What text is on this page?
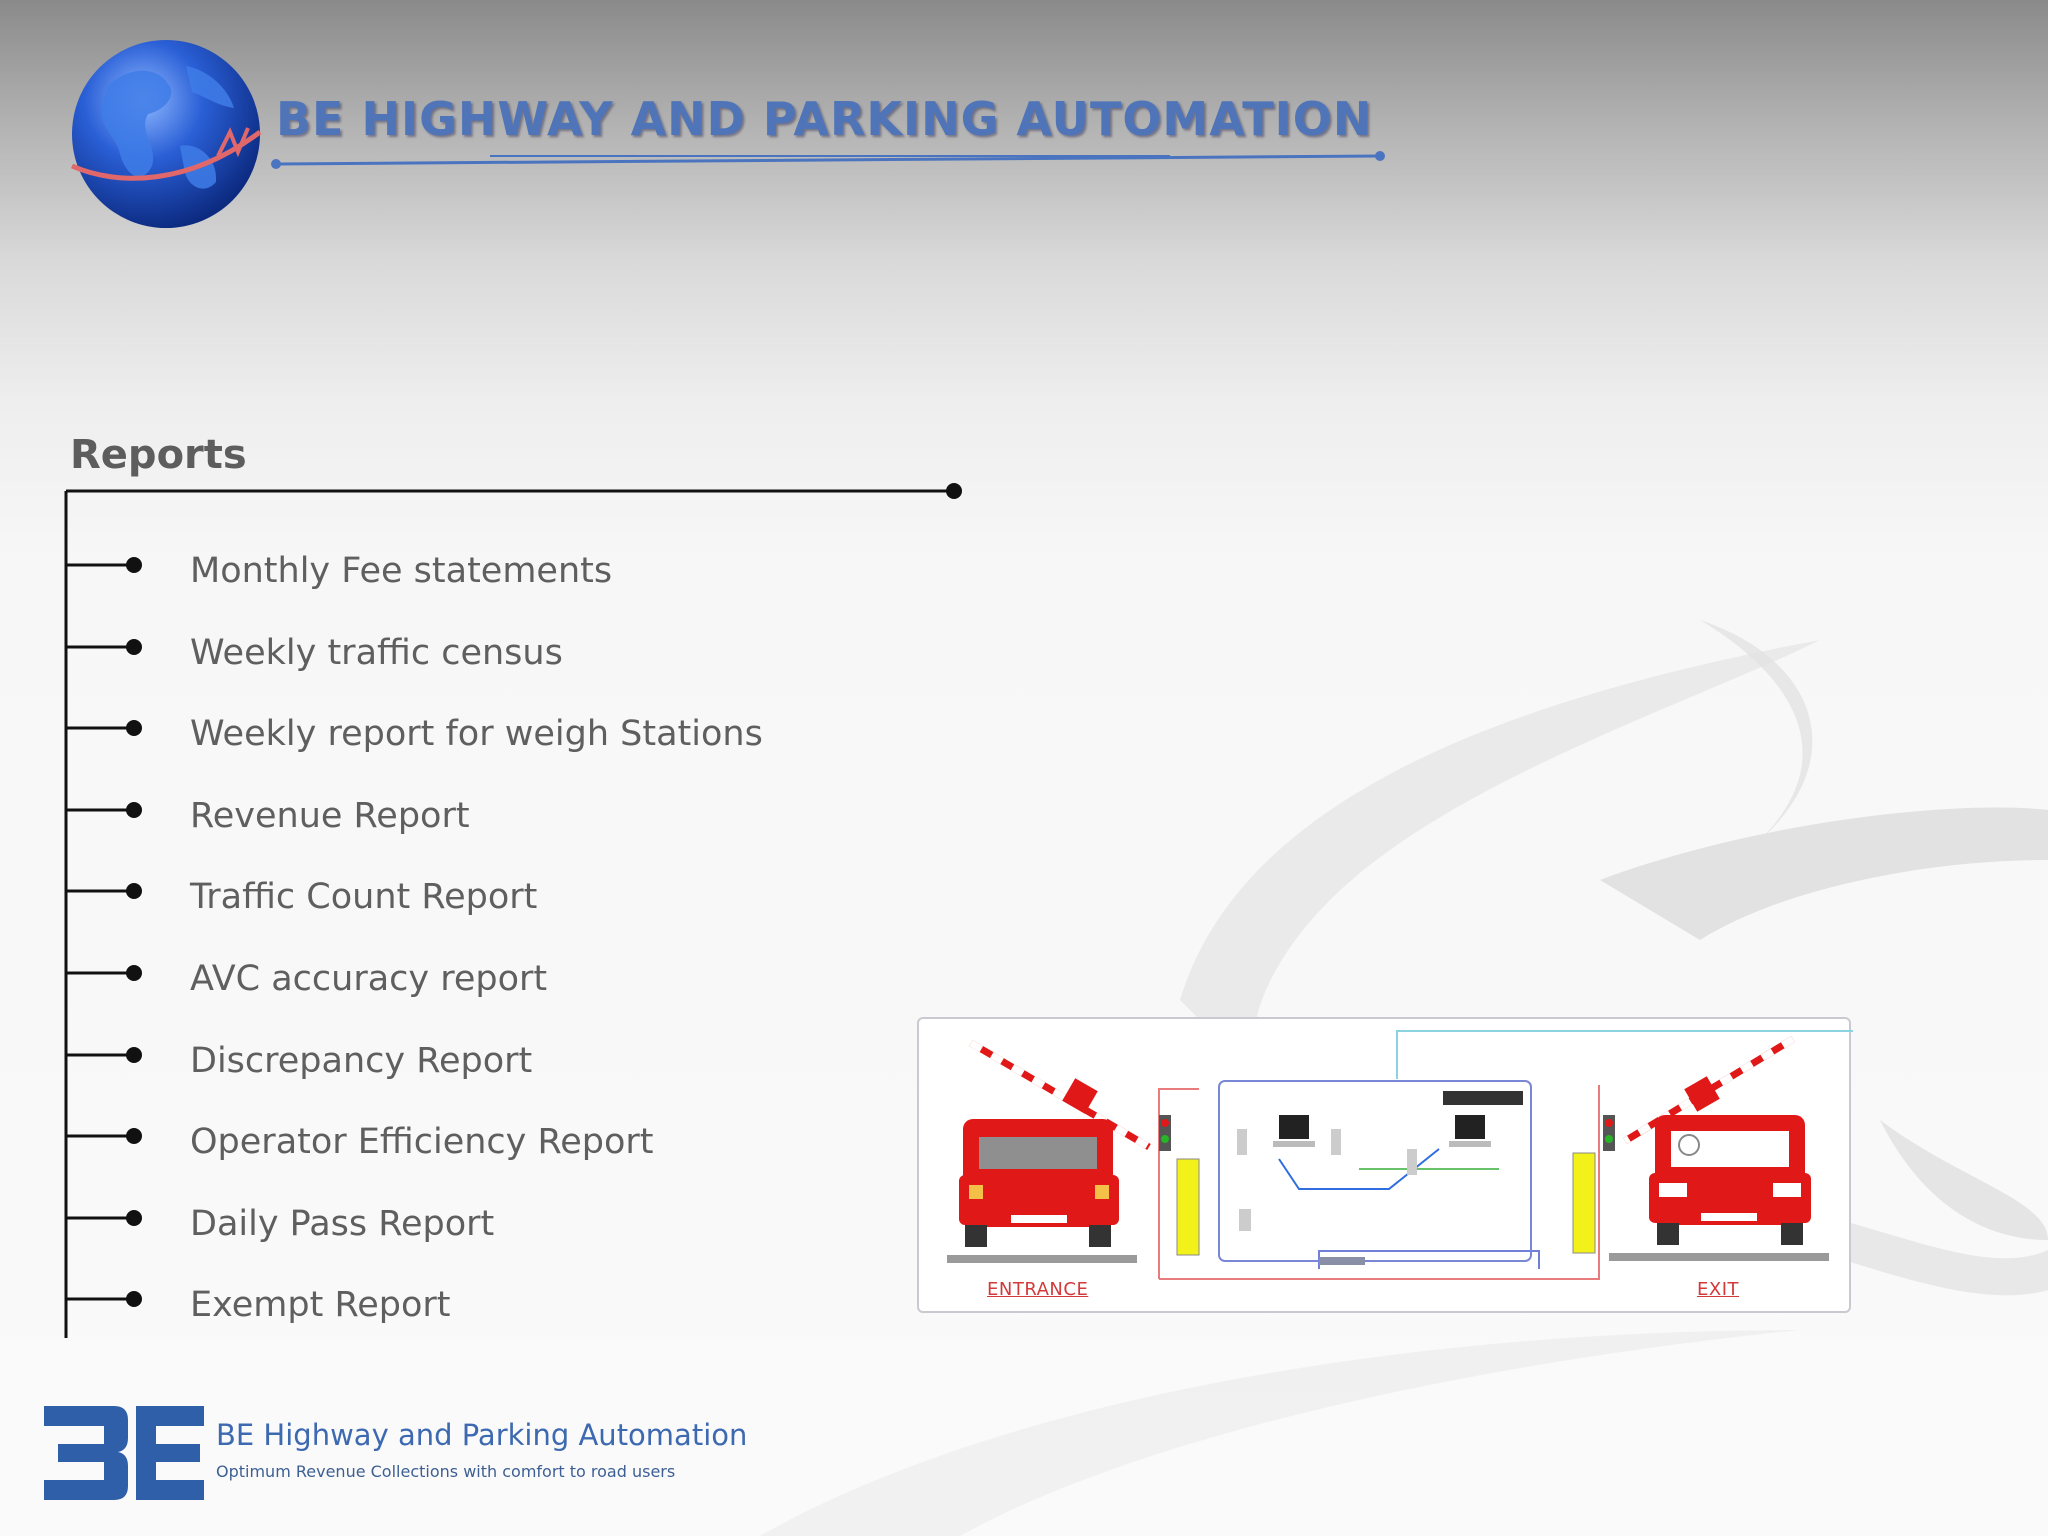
BE HIGHWAY AND PARKING AUTOMATION
Reports
Monthly Fee statements
Weekly traffic census
Weekly report for weigh Stations
Revenue Report
Traffic Count Report
AVC accuracy report
Discrepancy Report
Operator Efficiency Report
Daily Pass Report
Exempt Report	ENTRANCE	EXIT
BE
BE Highway and Parking Automation
Optimum Revenue Collections with comfort to road users
